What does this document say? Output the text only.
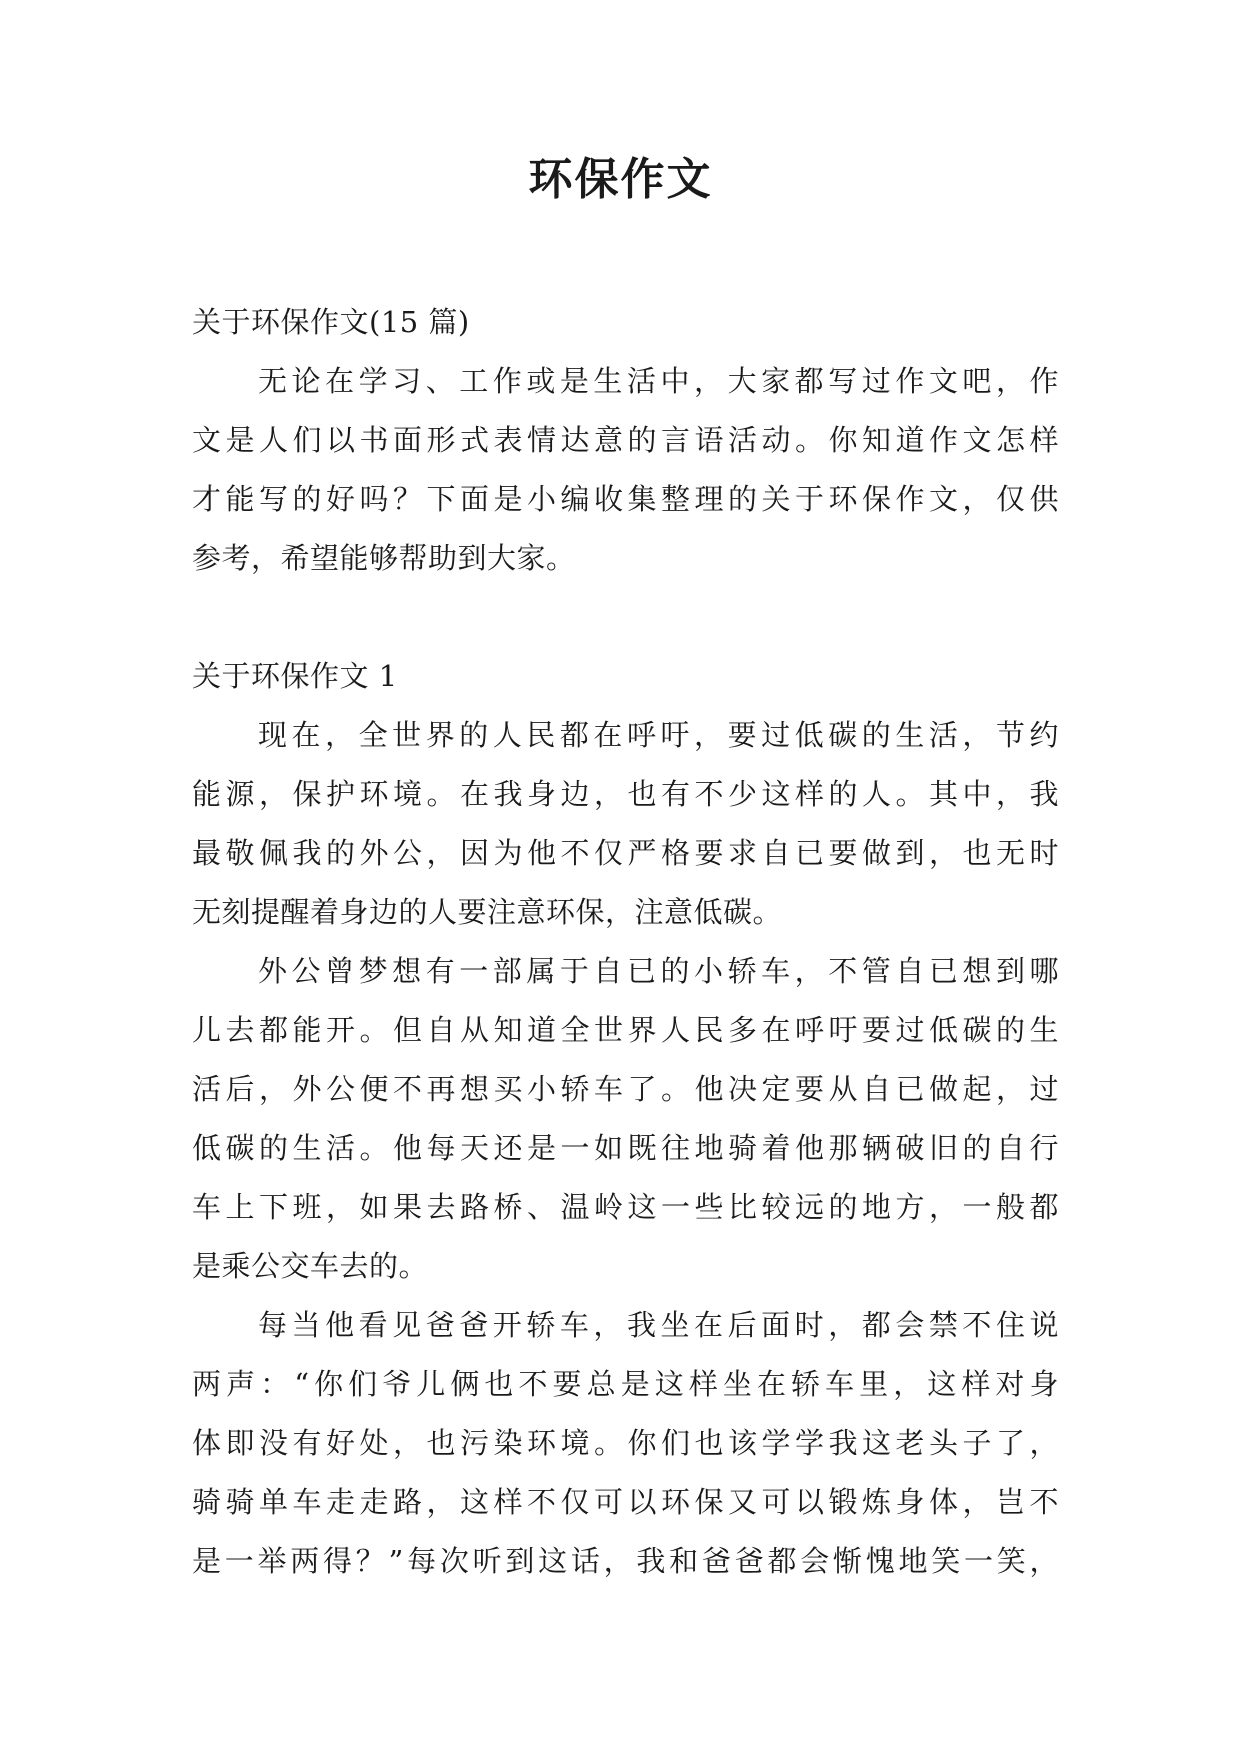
环保作文
关于环保作文(15 篇)
无论在学习、工作或是生活中，大家都写过作文吧，作
文是人们以书面形式表情达意的言语活动。你知道作文怎样
才能写的好吗？下面是小编收集整理的关于环保作文，仅供
参考，希望能够帮助到大家。
关于环保作文 1
现在，全世界的人民都在呼吁，要过低碳的生活，节约
能源，保护环境。在我身边，也有不少这样的人。其中，我
最敬佩我的外公，因为他不仅严格要求自已要做到，也无时
无刻提醒着身边的人要注意环保，注意低碳。
外公曾梦想有一部属于自已的小轿车，不管自已想到哪
儿去都能开。但自从知道全世界人民多在呼吁要过低碳的生
活后，外公便不再想买小轿车了。他决定要从自已做起，过
低碳的生活。他每天还是一如既往地骑着他那辆破旧的自行
车上下班，如果去路桥、温岭这一些比较远的地方，一般都
是乘公交车去的。
每当他看见爸爸开轿车，我坐在后面时，都会禁不住说
两声：“你们爷儿俩也不要总是这样坐在轿车里，这样对身
体即没有好处，也污染环境。你们也该学学我这老头子了，
骑骑单车走走路，这样不仅可以环保又可以锻炼身体，岂不
是一举两得？”每次听到这话，我和爸爸都会惭愧地笑一笑，
